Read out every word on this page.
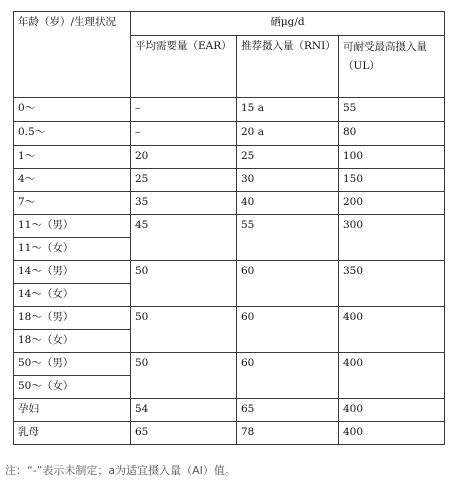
年龄（岁）/生理状况	硒μg/d		
	平均需要量（EAR）	推荐摄入量（RNI）	可耐受最高摄入量（UL）
0～	–	15 a	55
0.5～	–	20 a	80
1～	20	25	100
4～	25	30	150
7～	35	40	200
11～（男）	45	55	300
11～（女）			
14～（男）	50	60	350
14～（女）			
18～（男）	50	60	400
18～（女）			
50～（男）	50	60	400
50～（女）			
孕妇	54	65	400
乳母	65	78	400
注：“-”表示未制定；a为适宜摄入量（AI）值。
